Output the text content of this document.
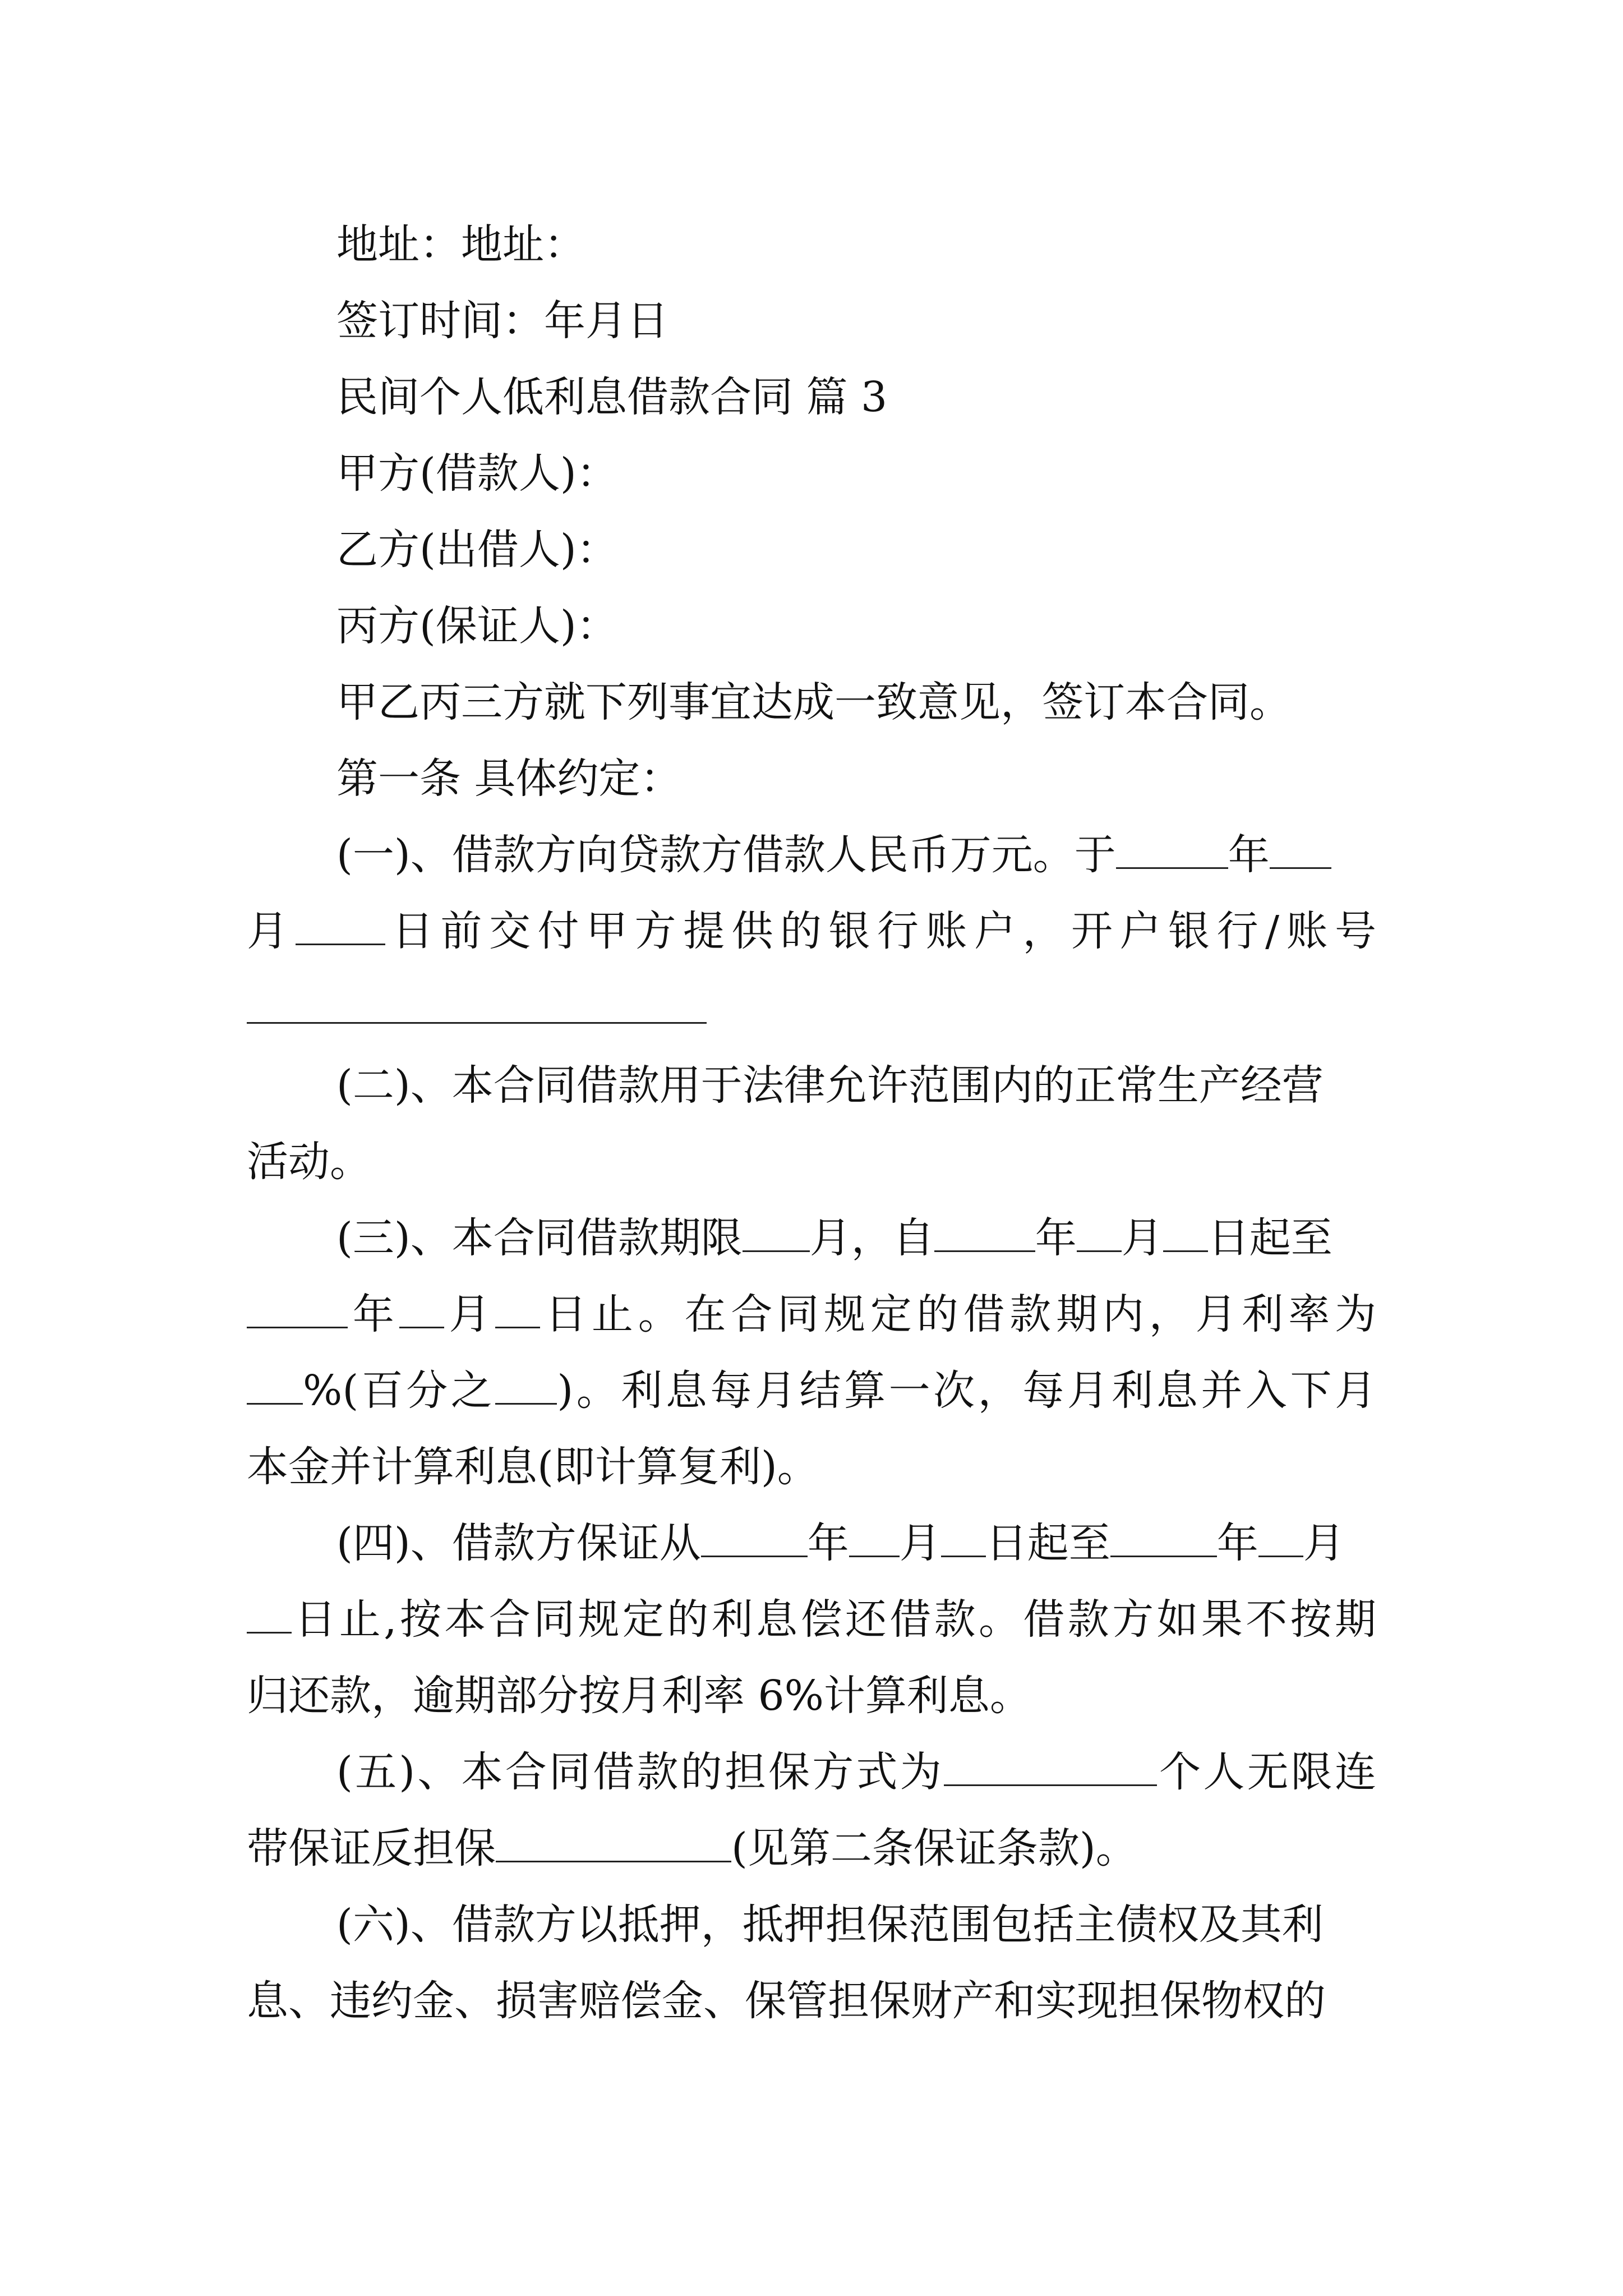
地址：地址：
签订时间：年月日
民间个人低利息借款合同 篇 3
甲方(借款人)：
乙方(出借人)：
丙方(保证人)：
甲乙丙三方就下列事宜达成一致意见，签订本合同。
第一条 具体约定：
(一)、借款方向贷款方借款人民币万元。于	年
月 日前交付甲方提供的银行账户，开户银行/账号
(二)、本合同借款用于法律允许范围内的正常生产经营
活动。
(三)、本合同借款期限 月，自 年 月 日起至
年 月 日止。在合同规定的借款期内，月利率为
%(百分之 )。利息每月结算一次，每月利息并入下月
本金并计算利息(即计算复利)。
(四)、借款方保证从	年 月 日起至	年 月
日止,按本合同规定的利息偿还借款。借款方如果不按期
归还款，逾期部分按月利率 6%计算利息。
(五)、本合同借款的担保方式为	个人无限连
带保证反担保	(见第二条保证条款)。
(六)、借款方以抵押，抵押担保范围包括主债权及其利
息、违约金、损害赔偿金、保管担保财产和实现担保物权的
